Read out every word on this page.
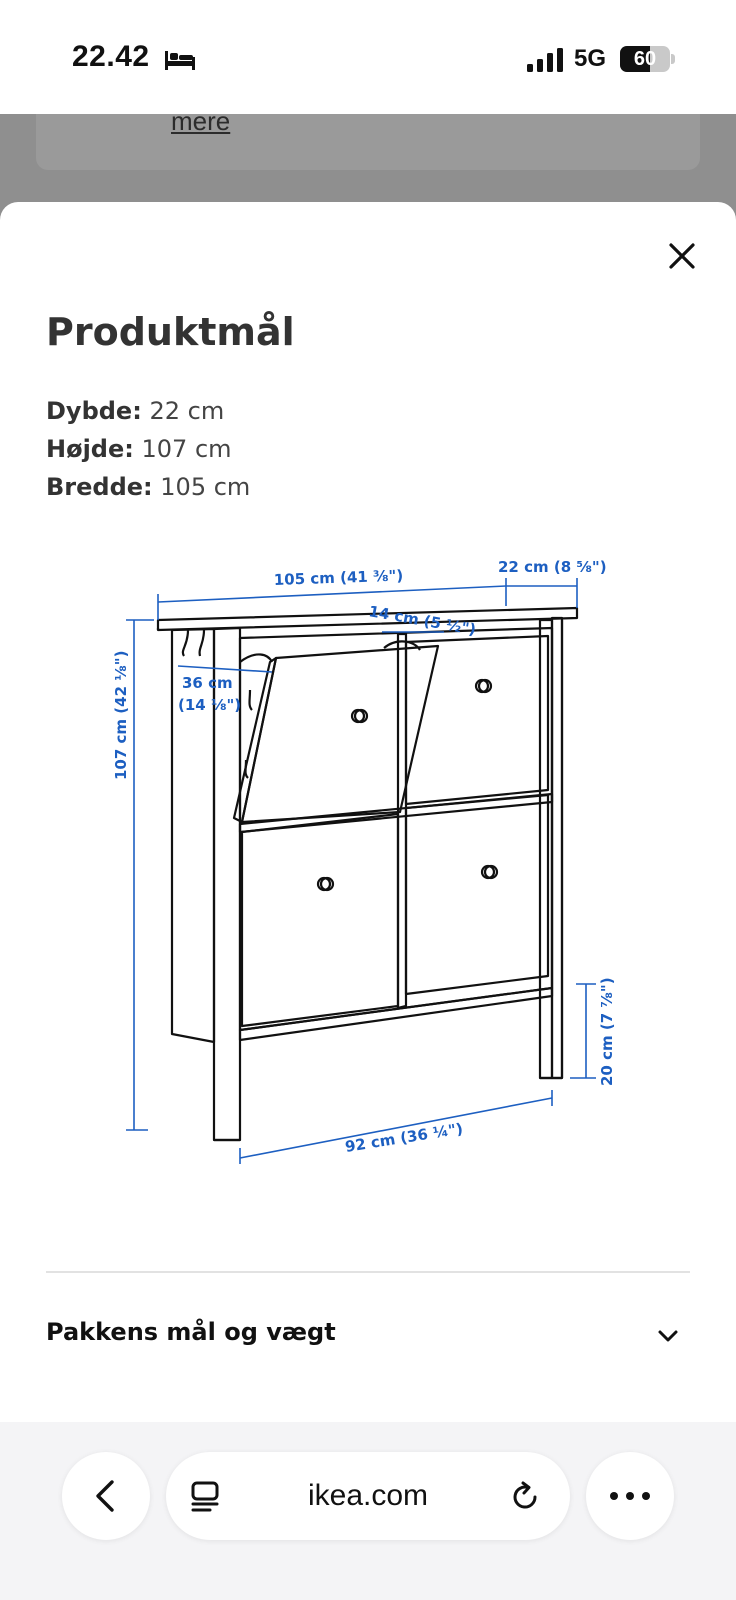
22.42	5G	60
mere
Produktmål
Dybde: 22 cm
Højde: 107 cm
Bredde: 105 cm
105 cm (41 ⅜")	22 cm (8 ⅝")
14 cm (5 ½")
36 cm
(14 ⅛")
107 cm (42 ⅛")
20 cm (7 ⅞")
92 cm (36 ¼")
Pakkens mål og vægt
ikea.com
